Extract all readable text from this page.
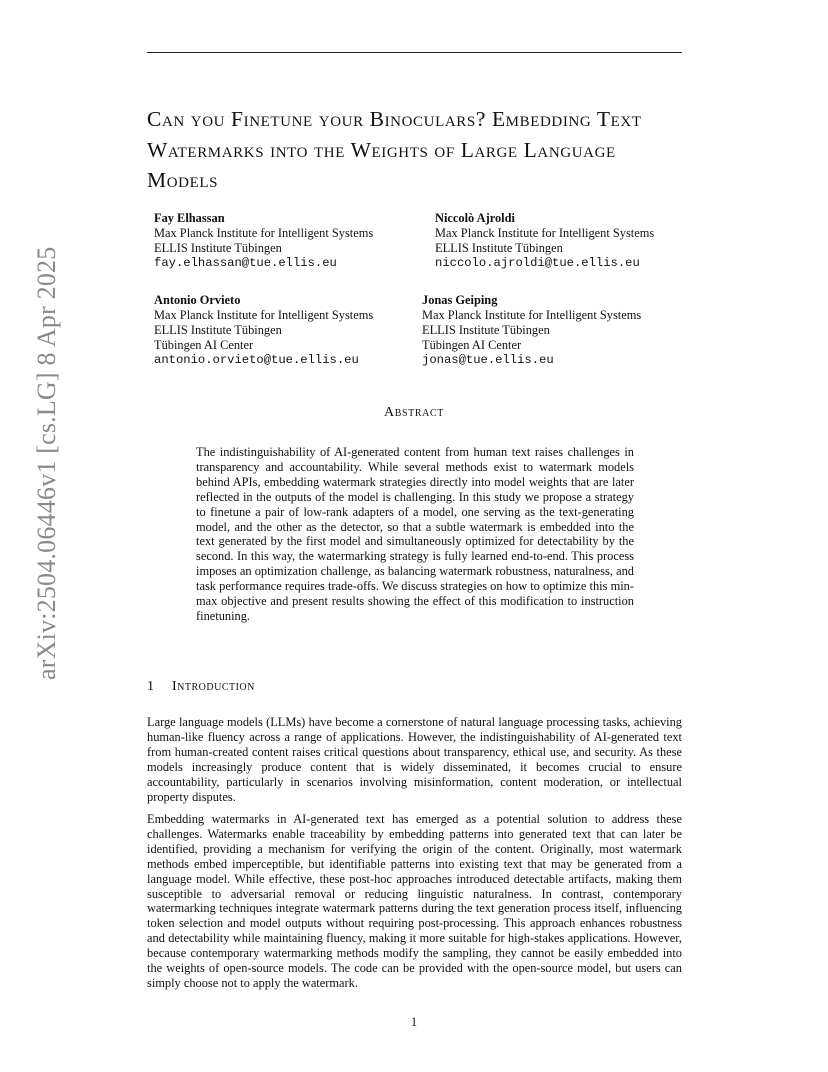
arXiv:2504.06446v1 [cs.LG] 8 Apr 2025
Can you Finetune your Binoculars? Embedding Text Watermarks into the Weights of Large Language Models
Fay Elhassan
Max Planck Institute for Intelligent Systems
ELLIS Institute Tübingen
fay.elhassan@tue.ellis.eu
Niccolò Ajroldi
Max Planck Institute for Intelligent Systems
ELLIS Institute Tübingen
niccolo.ajroldi@tue.ellis.eu
Antonio Orvieto
Max Planck Institute for Intelligent Systems
ELLIS Institute Tübingen
Tübingen AI Center
antonio.orvieto@tue.ellis.eu
Jonas Geiping
Max Planck Institute for Intelligent Systems
ELLIS Institute Tübingen
Tübingen AI Center
jonas@tue.ellis.eu
Abstract
The indistinguishability of AI-generated content from human text raises challenges in transparency and accountability. While several methods exist to watermark models behind APIs, embedding watermark strategies directly into model weights that are later reflected in the outputs of the model is challenging. In this study we propose a strategy to finetune a pair of low-rank adapters of a model, one serving as the text-generating model, and the other as the detector, so that a subtle watermark is embedded into the text generated by the first model and simultaneously optimized for detectability by the second. In this way, the watermarking strategy is fully learned end-to-end. This process imposes an optimization challenge, as balancing watermark robustness, naturalness, and task performance requires trade-offs. We discuss strategies on how to optimize this min-max objective and present results showing the effect of this modification to instruction finetuning.
1 Introduction
Large language models (LLMs) have become a cornerstone of natural language processing tasks, achieving human-like fluency across a range of applications. However, the indistinguishability of AI-generated text from human-created content raises critical questions about transparency, ethical use, and security. As these models increasingly produce content that is widely disseminated, it becomes crucial to ensure accountability, particularly in scenarios involving misinformation, content moderation, or intellectual property disputes.
Embedding watermarks in AI-generated text has emerged as a potential solution to address these challenges. Watermarks enable traceability by embedding patterns into generated text that can later be identified, providing a mechanism for verifying the origin of the content. Originally, most watermark methods embed imperceptible, but identifiable patterns into existing text that may be generated from a language model. While effective, these post-hoc approaches introduced detectable artifacts, making them susceptible to adversarial removal or reducing linguistic naturalness. In contrast, contemporary watermarking techniques integrate watermark patterns during the text generation process itself, influencing token selection and model outputs without requiring post-processing. This approach enhances robustness and detectability while maintaining fluency, making it more suitable for high-stakes applications. However, because contemporary watermarking methods modify the sampling, they cannot be easily embedded into the weights of open-source models. The code can be provided with the open-source model, but users can simply choose not to apply the watermark.
1
